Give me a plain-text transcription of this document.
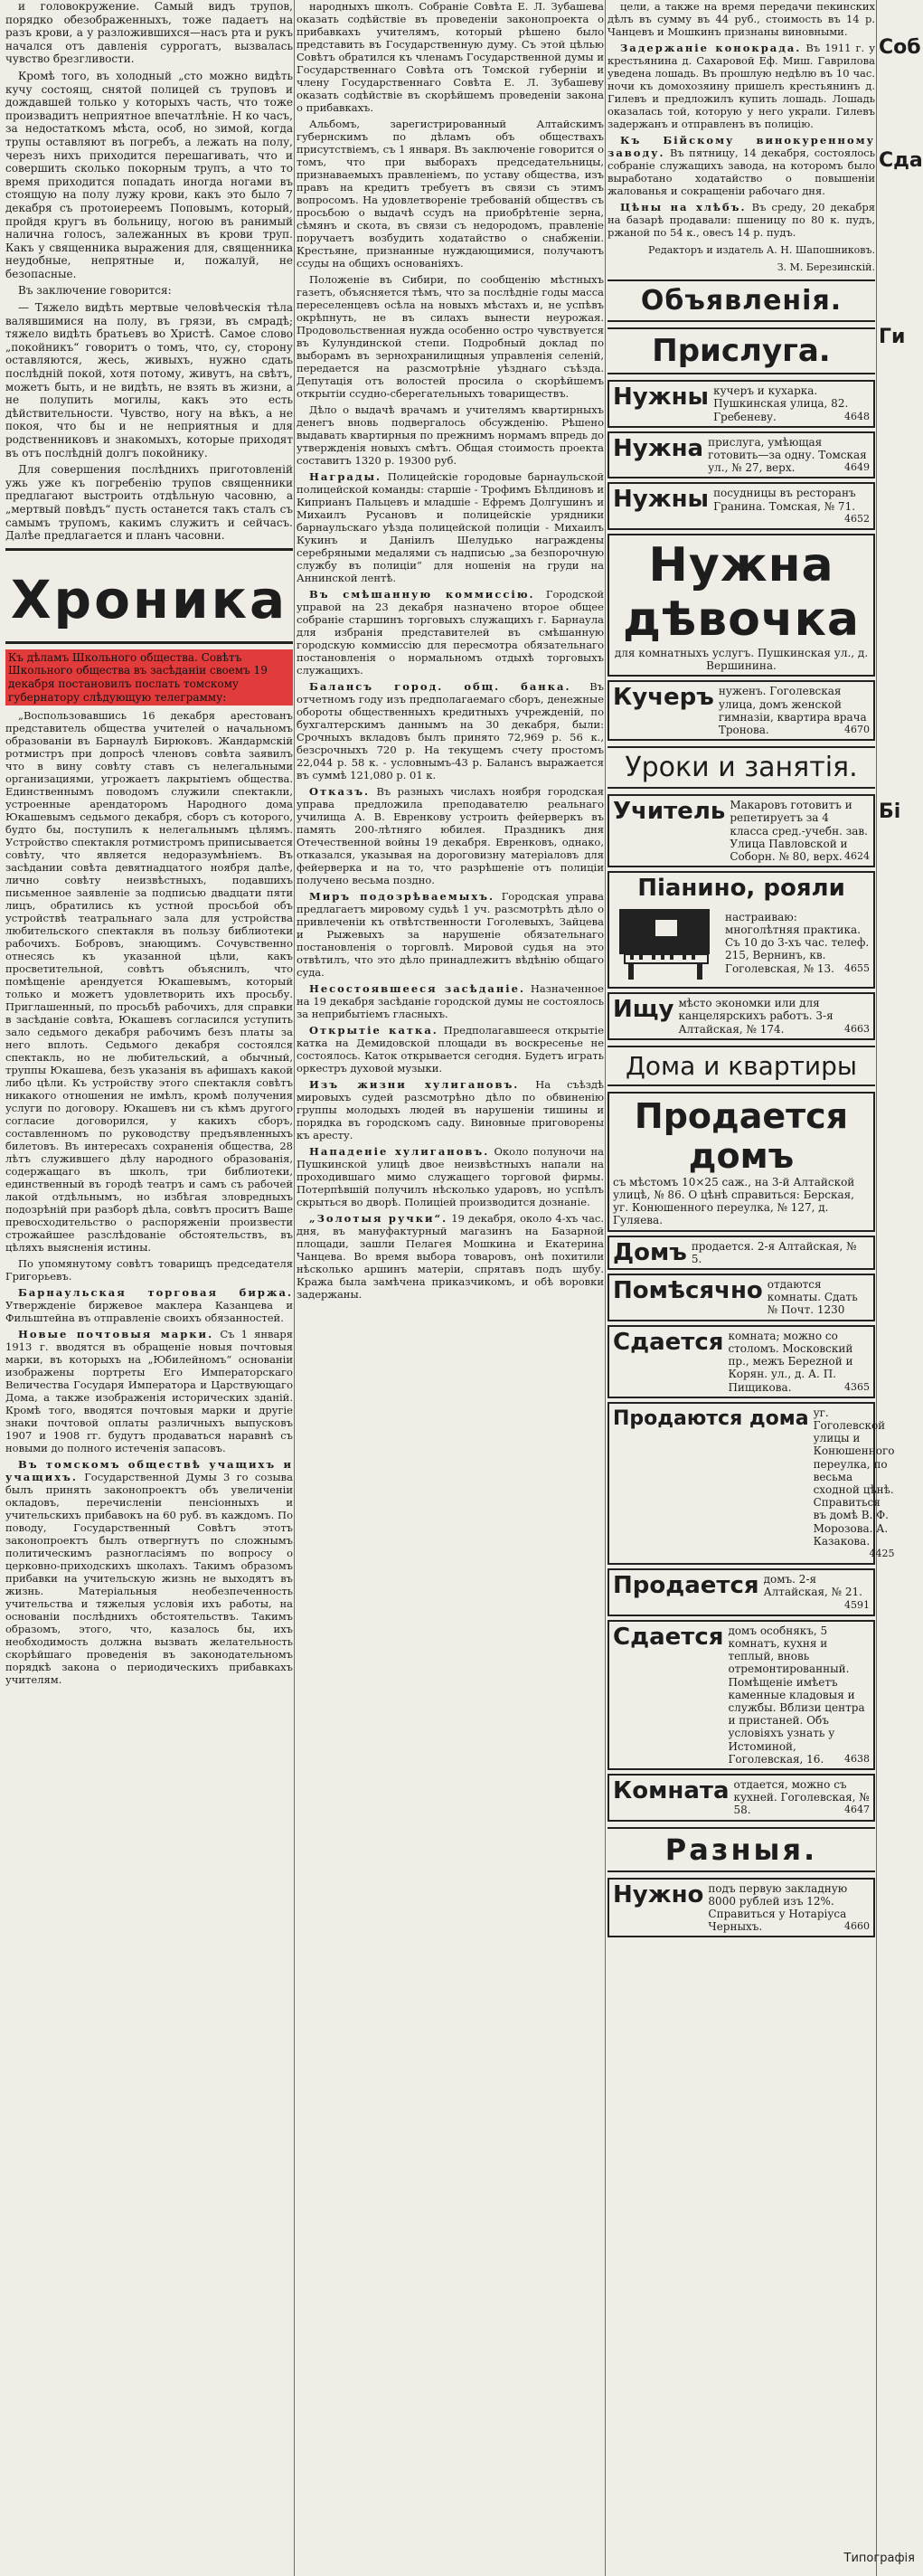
и головокружение. Самый видъ трупов, порядко обезображенныхъ, тоже падаетъ на разъ крови, а у разложившихся—насъ рта и рукъ начался отъ давленiя суррогатъ, вызвалась чувство брезгливости.

Кромѣ того, въ холодный „сто можно видѣть кучу состоящ, снятой полицей съ труповъ и дождавшей только у которыхъ часть, что тоже произвадитъ неприятное впечатлѣнiе. Н ко часъ, за недостаткомъ мѣста, особ, но зимой, когда трупы оставляют въ погребъ, а лежать на полу, черезъ нихъ приходится перешагивать, что и совершить сколько покорным трупъ, а что то время приходится попадать иногда ногами въ стоящую на полу лужу крови, какъ это было 7 декабря съ протоиереемъ Поповымъ, который, пройдя кругъ въ больницу, ногою въ ранимый налична голосъ, залежанных въ крови труп. Какъ у священника выражения для, священника неудобные, непрятные и, пожалуй, не безопасные.

Въ заключение говорится:

— Тяжело видѣть мертвые человѣческія тѣла валявшимися на полу, въ грязи, въ смрадѣ; тяжело видѣть братьевъ во Христѣ. Самое слово „покойникъ“ говоритъ о томъ, что, су, сторону оставляются, жесь, живыхъ, нужно сдать послѣдній покой, хотя потому, живутъ, на свѣтъ, можетъ быть, и не видѣть, не взять въ жизни, а не полупить могилы, какъ это есть дѣйствительности. Чувство, ногу на вѣкъ, а не покоя, что бы и не неприятныя и для родственниковъ и знакомыхъ, которые приходят въ отъ послѣдній долгъ покойнику.

Для совершения послѣднихъ приготовленiй ужь уже къ погребенiю трупов священники предлагают выстроить отдѣльную часовню, а „мертвый повѣдъ“ пусть останется такъ сталъ съ самымъ трупомъ, какимъ служитъ и сейчасъ. Далѣе предлагается и планъ часовни.

Хроника
Къ дѣламъ Школьного общества. Совѣтъ Школьного общества въ засѣданiи своемъ 19 декабря постановилъ послать томскому губернатору слѣдующую телеграмму:

„Воспользовавшись 16 декабря арестованъ представитель общества учителей о начальномъ образованiи въ Барнаулѣ Бирюковъ. Жандармскiй ротмистръ при допросѣ членовъ совѣта заявилъ что в вину совѣту ставъ съ нелегальными организациями, угрожаетъ лакрытiемъ общества. Единственнымъ поводомъ служили спектакли, устроенные арендаторомъ Народного дома Юкашевымъ седьмого декабря, сборъ съ которого, будто бы, поступилъ к нелегальнымъ цѣлямъ. Устройство спектакля ротмистромъ приписывается совѣту, что является недоразумѣнiемъ. Въ засѣдании совѣта девятнадцатого ноября далѣе, лично совѣту неизвѣстныхъ, подавшихъ письменное заявленiе за подписью двадцати пяти лицъ, обратились къ устной просьбой объ устройствѣ театральнаго зала для устройства любительского спектакля въ пользу библиотеки рабочихъ. Бобровъ, знающимъ. Сочувственно отнесясь къ указанной цѣли, какъ просветительной, совѣтъ объяснилъ, что помѣщенiе арендуется Юкашевымъ, который только и можетъ удовлетворить ихъ просьбу. Приглашенный, по просьбѣ рабочихъ, для справки в засѣданiе совѣта, Юкашевъ согласился уступить зало седьмого декабря рабочимъ безъ платы за него вплоть. Седьмого декабря состоялся спектакль, но не любительский, а обычный, труппы Юкашева, безъ указанiя въ афишахъ какой либо цѣли. Къ устройству этого спектакля совѣтъ никакого отношения не имѣлъ, кромѣ получения услуги по договору. Юкашевъ ни съ кѣмъ другого согласие договорился, у какихъ сборъ, составленномъ по руководству предъявленныхъ билетовъ. Въ интересахъ сохраненiя общества, 28 лѣтъ служившего дѣлу народного образованiя, содержащаго въ школъ, три библиотеки, единственный въ городѣ театръ и самъ съ рабочей лакой отдѣльнымъ, но избѣгая зловредныхъ подозрѣнiй при разборѣ дѣла, совѣтъ проситъ Ваше превосходительство о распоряженiи произвести строжайшее разслѣдованiе обстоятельствъ, въ цѣляхъ выясненiя истины.

По упомянутому совѣтъ товарищъ председателя Григорьевъ.

Барнаульская торговая биржа. Утвержденiе биржевое маклера Казанцева и Фильштейна въ отправленiе своихъ обязанностей.

Новые почтовыя марки. Съ 1 января 1913 г. вводятся въ обращенiе новыя почтовыя марки, въ которыхъ на „Юбилейномъ“ основанiи изображены портреты Его Императорскаго Величества Государя Императора и Царствующаго Дома, а также изображенiя исторических зданiй. Кромѣ того, вводятся почтовыя марки и другiе знаки почтовой оплаты различныхъ выпусковъ 1907 и 1908 гг. будутъ продаваться наравнѣ съ новыми до полного истеченiя запасовъ.

Въ томскомъ обществѣ учащихъ и учащихъ. Государственной Думы 3 го созыва былъ принять законопроектъ объ увеличенiи окладовъ, перечисленiи пенсiонныхъ и учительскихъ прибавокъ на 60 руб. въ каждомъ. По поводу, Государственный Совѣтъ этотъ законопроектъ былъ отвергнутъ по сложнымъ политическимъ разногласiямъ по вопросу о церковно-приходскихъ школахъ. Такимъ образомъ прибавки на учительскую жизнь не выходятъ въ жизнь. Матерiальныя необезпеченность учительства и тяжелыя условiя ихъ работы, на основанiи послѣднихъ обстоятельствъ. Такимъ образомъ, этого, что, казалось бы, ихъ необходимость должна вызвать желательность скорѣйшаго проведенiя въ законодательномъ порядкѣ закона о периодическихъ прибавкахъ учителям.

народныхъ школъ. Собранiе Совѣта Е. Л. Зубашева оказать содѣйствiе въ проведенiи законопроекта о прибавкахъ учителямъ, который рѣшено было представить въ Государственную думу. Съ этой цѣлью Совѣтъ обратился къ членамъ Государственной думы и Государственнаго Совѣта отъ Томской губернiи и члену Государственнаго Совѣта Е. Л. Зубашеву оказать содѣйствiе въ скорѣйшемъ проведенiи закона о прибавкахъ.

Альбомъ, зарегистрированный Алтайскимъ губернскимъ по дѣламъ объ обществахъ присутствiемъ, съ 1 января. Въ заключенiе говорится о томъ, что при выборахъ председательницы, признаваемыхъ правленiемъ, по уставу общества, изъ правъ на кредитъ требуетъ въ связи съ этимъ вопросомъ. На удовлетворенiе требованiй обществъ съ просьбою о выдачѣ ссудъ на приобрѣтенiе зерна, сѣмянъ и скота, въ связи съ недородомъ, правленiе поручаетъ возбудить ходатайство о снабженiи. Крестьяне, признанные нуждающимися, получаютъ ссуды на общихъ основанiяхъ.

Положенiе въ Сибири, по сообщенiю мѣстныхъ газетъ, объясняется тѣмъ, что за послѣднiе годы масса переселенцевъ осѣла на новыхъ мѣстахъ и, не успѣвъ окрѣпнуть, не въ силахъ вынести неурожая. Продовольственная нужда особенно остро чувствуется въ Кулундинской степи. Подробный доклад по выборамъ въ зернохранилищныя управленiя селенiй, передается на разсмотрѣнiе уѣзднаго съѣзда. Депутацiя отъ волостей просила о скорѣйшемъ открытiи ссудно-сберегательныхъ товариществъ.

Дѣло о выдачѣ врачамъ и учителямъ квартирныхъ денегъ вновь подвергалось обсужденiю. Рѣшено выдавать квартирныя по прежнимъ нормамъ впредь до утвержденiя новыхъ смѣтъ. Общая стоимость проекта составитъ 1320 р. 19300 руб.

Награды. Полицейскiе городовые барнаульской полицейской команды: старшiе - Трофимъ Бѣлдиновъ и Киприанъ Пальцевъ и младшiе - Ефремъ Долгушинъ и Михаилъ Русановъ и полицейскiе урядники барнаульскаго уѣзда полицейской полицiи - Михаилъ Кукинъ и Данiилъ Шелудько награждены серебряными медалями съ надписью „за безпорочную службу въ полицiи“ для ношенiя на груди на Аннинской лентѣ.

Въ смѣшанную коммиссiю. Городской управой на 23 декабря назначено второе общее собранiе старшинъ торговыхъ служащихъ г. Барнаула для избранiя представителей въ смѣшанную городскую коммиссiю для пересмотра обязательнаго постановленiя о нормальномъ отдыхѣ торговыхъ служащихъ.

Балансъ город. общ. банка. Въ отчетномъ году изъ предполагаемаго сборъ, денежные обороты общественныхъ кредитныхъ учрежденiй, по бухгалтерскимъ даннымъ на 30 декабря, были: Срочныхъ вкладовъ былъ принято 72,969 р. 56 к., безсрочныхъ 720 р. На текущемъ счету простомъ 22,044 р. 58 к. - условнымъ-43 р. Балансъ выражается въ суммѣ 121,080 р. 01 к.

Отказъ. Въ разныхъ числахъ ноября городская управа предложила преподавателю реальнаго училища А. В. Евренкову устроить фейерверкъ въ память 200-лѣтняго юбилея. Праздникъ дня Отечественной войны 19 декабря. Евренковъ, однако, отказался, указывая на дороговизну матерiаловъ для фейерверка и на то, что разрѣшенiе отъ полицiи получено весьма поздно.

Миръ подозрѣваемыхъ. Городская управа предлагаетъ мировому судьѣ 1 уч. разсмотрѣть дѣло о привлеченiи къ отвѣтственности Гоголевыхъ, Зайцева и Рыжевыхъ за нарушенiе обязательнаго постановленiя о торговлѣ. Мировой судья на это отвѣтилъ, что это дѣло принадлежитъ вѣдѣнiю общаго суда.

Несостоявшееся засѣданiе. Назначенное на 19 декабря засѣданiе городской думы не состоялось за неприбытiемъ гласныхъ.

Открытiе катка. Предполагавшееся открытiе катка на Демидовской площади въ воскресенье не состоялось. Каток открывается сегодня. Будетъ играть оркестръ духовой музыки.

Изъ жизни хулигановъ. На съѣздѣ мировыхъ судей разсмотрѣно дѣло по обвиненiю группы молодыхъ людей въ нарушенiи тишины и порядка въ городскомъ саду. Виновные приговорены къ аресту.

Нападенiе хулигановъ. Около полуночи на Пушкинской улицѣ двое неизвѣстныхъ напали на проходившаго мимо служащего торговой фирмы. Потерпѣвшiй получилъ нѣсколько ударовъ, но успѣлъ скрыться во дворѣ. Полицiей производится дознанiе.

„Золотыя ручки“. 19 декабря, около 4-хъ час. дня, въ мануфактурный магазинъ на Базарной площади, зашли Пелагея Мошкина и Екатерина Чанцева. Во время выбора товаровъ, онѣ похитили нѣсколько аршинъ матерiи, спрятавъ подъ шубу. Кража была замѣчена приказчикомъ, и обѣ воровки задержаны.

цели, а также на время передачи пекинских дѣлъ въ сумму въ 44 руб., стоимость въ 14 р. Чанцевъ и Мошкинъ признаны виновными.

Задержанiе конокрада. Въ 1911 г. у крестьянина д. Сахаровой Еф. Миш. Гаврилова уведена лошадь. Въ прошлую недѣлю въ 10 час. ночи къ домохозяину пришелъ крестьянинъ д. Гилевъ и предложилъ купить лошадь. Лошадь оказалась той, которую у него украли. Гилевъ задержанъ и отправленъ въ полицiю.

Къ Бiйскому винокуренному заводу. Въ пятницу, 14 декабря, состоялось собранiе служащихъ завода, на которомъ было выработано ходатайство о повышенiи жалованья и сокращенiи рабочаго дня.

Цѣны на хлѣбъ. Въ среду, 20 декабря на базарѣ продавали: пшеницу по 80 к. пудъ, ржаной по 54 к., овесъ 14 р. пудъ.

Редакторъ и издатель А. Н. Шапошниковъ.

З. М. Березинскiй.

Объявленiя.
Прислуга.
Нужны кучеръ и кухарка. Пушкинская улица, 82. Гребеневу.	4648
Нужна прислуга, умѣющая готовить—за одну. Томская ул., № 27, верх.	4649
Нужны посудницы въ ресторанъ Гранина. Томская, № 71.
4652
Нужна дѣвочка
для комнатныхъ услугъ. Пушкинская ул., д. Вершинина.
Кучеръ нуженъ. Гоголевская улица, домъ женской гимназiи, квартира врача Тронова.	4670
Уроки и занятiя.
Учитель Макаровъ готовитъ и репетируетъ за 4 класса сред.-учебн. зав. Улица Павловской и Соборн. № 80, верх. 4624
Пiанино, рояли
настраиваю: многолѣтняя практика. Съ 10 до 3-хъ час. телеф. 215, Вернинъ, кв. Гоголевская, № 13. 4655
Ищу мѣсто экономки или для канцелярскихъ работъ. 3-я Алтайская, № 174.	4663
Дома и квартиры
Продается домъ
съ мѣстомъ 10×25 саж., на 3-й Алтайской улицѣ, № 86. О цѣнѣ справиться: Берская, уг. Конюшенного переулка, № 127, д. Гуляева.
Домъ продается. 2-я Алтайская, № 5.
Помѣсячно отдаются комнаты. Сдать № Почт. 1230
Сдается комната; можно со столомъ. Московский пр., межъ Береzной и Корян. ул., д. А. П. Пищикова.	4365
Продаются дома уг. Гоголевской улицы и Конюшенного переулка, по весьма сходной цѣнѣ. Справиться въ домѣ В. Ф. Морозова. А. Казакова.
4425
Продается домъ. 2-я Алтайская, № 21.
4591
Сдается домъ особнякъ, 5 комнатъ, кухня и теплый, вновь отремонтированный. Помѣщенiе имѣетъ каменные кладовыя и службы. Вблизи центра и пристаней. Объ условiяхъ узнать у Истоминой, Гоголевская, 16. 4638
Комната отдается, можно съ кухней. Гоголевская, № 58.	4647
Разныя.
Нужно подъ первую закладную 8000 рублей изъ 12%. Справиться у Нотарiуса Черныхъ.	4660
Соб
Сда
Ги
Бi
Типографiя
